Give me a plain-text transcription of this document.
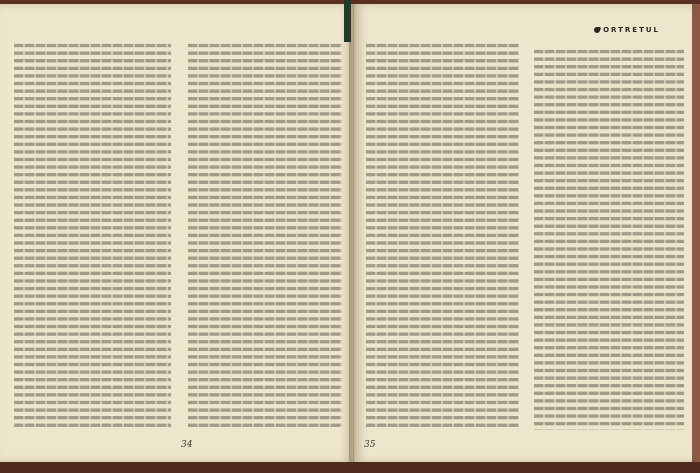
34
PORTRETUL
35
